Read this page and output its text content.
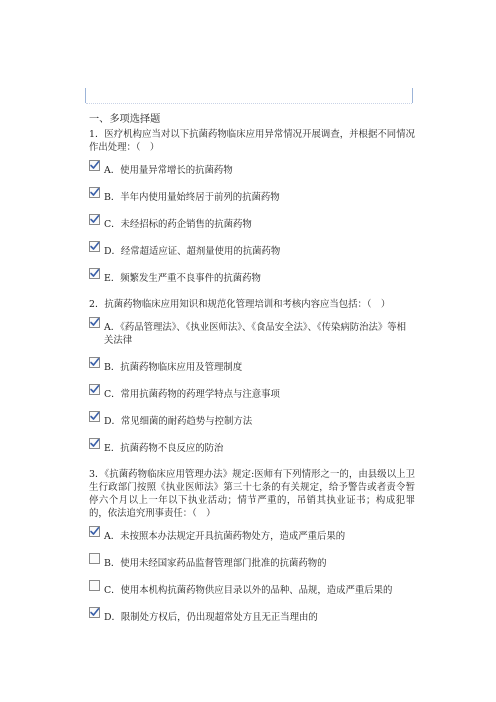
一、多项选择题
1．医疗机构应当对以下抗菌药物临床应用异常情况开展调查，并根据不同情况作出处理：（　）
A．使用量异常增长的抗菌药物
B．半年内使用量始终居于前列的抗菌药物
C．未经招标的药企销售的抗菌药物
D．经常超适应证、超剂量使用的抗菌药物
E．频繁发生严重不良事件的抗菌药物
2．抗菌药物临床应用知识和规范化管理培训和考核内容应当包括：（　）
A．《药品管理法》、《执业医师法》、《食品安全法》、《传染病防治法》等相关法律
B．抗菌药物临床应用及管理制度
C．常用抗菌药物的药理学特点与注意事项
D．常见细菌的耐药趋势与控制方法
E．抗菌药物不良反应的防治
3．《抗菌药物临床应用管理办法》规定:医师有下列情形之一的，由县级以上卫生行政部门按照《执业医师法》第三十七条的有关规定，给予警告或者责令暂停六个月以上一年以下执业活动；情节严重的，吊销其执业证书；构成犯罪的，依法追究刑事责任：（　）
A．未按照本办法规定开具抗菌药物处方，造成严重后果的
B．使用未经国家药品监督管理部门批准的抗菌药物的
C．使用本机构抗菌药物供应目录以外的品种、品规，造成严重后果的
D．限制处方权后，仍出现超常处方且无正当理由的
